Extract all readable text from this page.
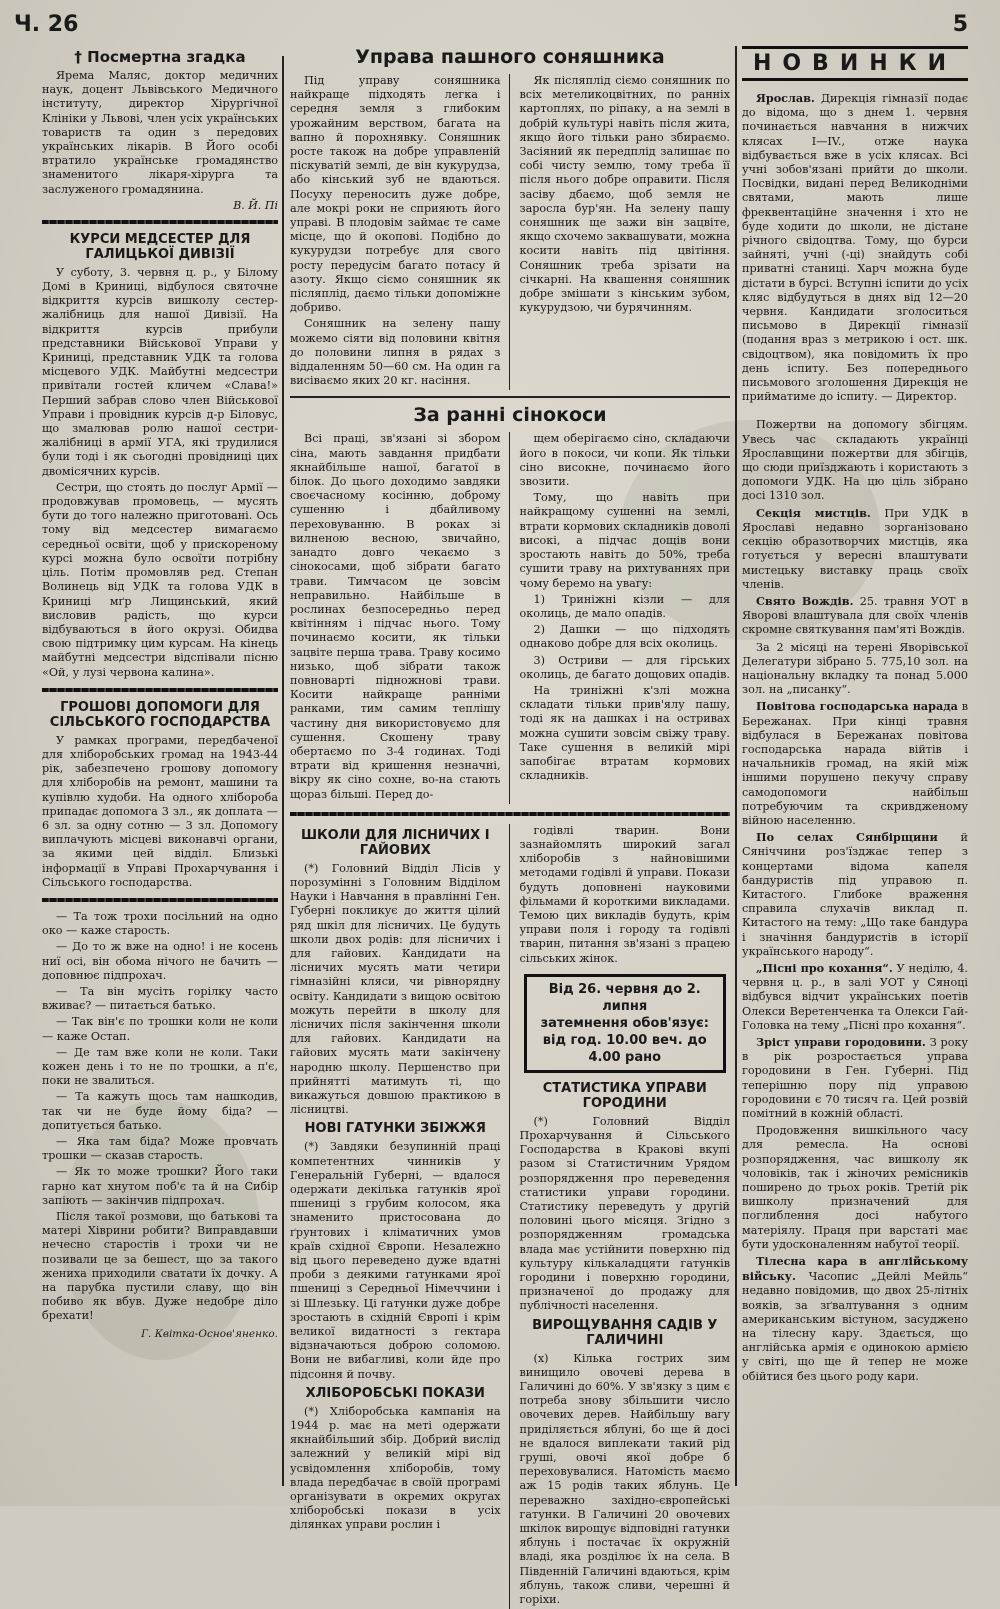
Ч. 26	5
† Посмертна згадка

Ярема Маляс, доктор медичних наук, доцент Львівського Медичного інституту, директор Хірургічної Клініки у Львові, член усіх українських товариств та один з передових українських лікарів. В Його особі втратило українське громадянство знаменитого лікаря-хірурга та заслуженого громадянина.

В. Й. Пі
КУРСИ МЕДСЕСТЕР ДЛЯ ГАЛИЦЬКОЇ ДИВІЗІЇ

У суботу, 3. червня ц. р., у Білому Домі в Криниці, відбулося святочне відкриття курсів вишколу сестер-жалібниць для нашої Дивізії. На відкриття курсів прибули представники Військової Управи у Криниці, представник УДК та голова місцевого УДК. Майбутні медсестри привітали гостей кличем «Слава!» Перший забрав слово член Військової Управи і провідник курсів д-р Біловус, що змалював ролю нашої сестри-жалібниці в армії УГА, які трудилися були тоді і як сьогодні провідниці цих двомісячних курсів.

Сестри, що стоять до послуг Армії — продовжував промовець, — мусять бути до того належно приготовані. Ось тому від медсестер вимагаємо середньої освіти, щоб у прискореному курсі можна було освоїти потрібну ціль. Потім промовляв ред. Степан Волинець від УДК та голова УДК в Криниці мґр Лищинський, який висловив радість, що курси відбуваються в його окрузі. Обидва свою підтримку цим курсам. На кінець майбутні медсестри відспівали пісню «Ой, у лузі червона калина».

ГРОШОВІ ДОПОМОГИ ДЛЯ СІЛЬСЬКОГО ГОСПОДАРСТВА

У рамках програми, передбаченої для хліборобських громад на 1943-44 рік, забезпечено грошову допомогу для хліборобів на ремонт, машини та купівлю худоби. На одного хлібороба припадає допомога 3 зл., як доплата — 6 зл. за одну сотню — 3 зл. Допомогу виплачують місцеві виконавчі органи, за якими цей відділ. Близькі інформації в Управі Прохарчування і Сільського господарства.

— Та тож трохи посільний на одно око — каже старость.

— До то ж вже на одно! і не косень ниї осі, він обома нічого не бачить — доповнює підпрохач.

— Та він мусіть горілку часто вживає? — питається батько.

— Так він'є по трошки коли не коли — каже Остап.

— Де там вже коли не коли. Таки кожен день і то не по трошки, а п'є, поки не звалиться.

— Та кажуть щось там нашкодив, так чи не буде йому біда? — допитується батько.

— Яка там біда? Може провчать трошки — сказав старость.

— Як то може трошки? Його таки гарно кат хнутом поб'є та й на Сибір запіють — закінчив підпрохач.

Після такої розмови, що батькові та матері Хіврини робити? Виправдавши нечесно старостів і трохи чи не позивали це за бешест, що за такого жениха приходили сватати їх дочку. А на парубка пустили славу, що він побиво як вбув. Дуже недобре діло брехати!

Г. Квітка-Основ'яненко.
Управа пашного соняшника

Під управу соняшника найкраще підходять легка і середня земля з глибоким урожайним верством, багата на вапно й порохнявку. Соняшник росте також на добре управленій піскуватій землі, де він кукурудза, або кінський зуб не вдаються. Посуху переносить дуже добре, але мокрі роки не сприяють його управі. В плодовім займає те саме місце, що й окопові. Подібно до кукурудзи потребує для свого росту передусім багато потасу й азоту. Якщо сіємо соняшник як післяплід, даємо тільки допоміжне добриво.

Соняшник на зелену пашу можемо сіяти від половини квітня до половини липня в рядах з віддаленням 50—60 см. На один га висіваємо яких 20 кг. насіння.

Як післяплід сіємо соняшник по всіх метеликоцвітних, по ранніх картоплях, по ріпаку, а на землі в добрій культурі навіть після жита, якщо його тільки рано збираємо. Засіяний як передплід залишає по собі чисту землю, тому треба її після нього добре оправити. Після засіву дбаємо, щоб земля не заросла бур'ян. На зелену пашу соняшник ще зажи він зацвіте, якщо схочемо заквашувати, можна косити навіть під цвітіння. Соняшник треба зрізати на січкарні. На квашення соняшник добре змішати з кінським зубом, кукурудзою, чи бурячинням.

За ранні сінокоси

Всі праці, зв'язані зі збором сіна, мають завдання придбати якнайбільше нашої, багатої в білок. До цього доходимо завдяки своєчасному косінню, доброму сушенню і дбайливому переховуванню. В роках зі вилненою весною, звичайно, занадто довго чекаємо з сінокосами, щоб зібрати багато трави. Тимчасом це зовсім неправильно. Найбільше в рослинах безпосередньо перед квітінням і підчас нього. Тому починаємо косити, як тільки зацвіте перша трава. Траву косимо низько, щоб зібрати також повноварті підножнові трави. Косити найкраще ранніми ранками, тим самим теплішу частину дня використовуємо для сушення. Скошену траву обертаємо по 3-4 годинах. Тоді втрати від кришення незначні, вікру як сіно сохне, во-на стають щораз більші. Перед до-

щем оберігаємо сіно, складаючи його в покоси, чи копи. Як тільки сіно високне, починаємо його звозити.

Тому, що навіть при найкращому сушенні на землі, втрати кормових складників доволі високі, а підчас дощів вони зростають навіть до 50%, треба сушити траву на рихтуваннях при чому беремо на увагу:

1) Триніжні кізли — для околиць, де мало опадів.

2) Дашки — що підходять однаково добре для всіх околиць.

3) Остриви — для гірських околиць, де багато дощових опадів.

На триніжні к'злі можна складати тільки прив'ялу пашу, тоді як на дашках і на остривах можна сушити зовсім свіжу траву. Таке сушення в великій мірі запобігає втратам кормових складників.

ШКОЛИ ДЛЯ ЛІСНИЧИХ І ГАЙОВИХ

(*) Головний Відділ Лісів у порозумінні з Головним Відділом Науки і Навчання в правлінні Ген. Губерні покликує до життя цілий ряд шкіл для лісничих. Це будуть школи двох родів: для лісничих і для гайових. Кандидати на лісничих мусять мати четири гімназійні кляси, чи рівнорядну освіту. Кандидати з вищою освітою можуть перейти в школу для лісничих після закінчення школи для гайових. Кандидати на гайових мусять мати закінчену народню школу. Першенство при прийнятті матимуть ті, що викажуться довшою практикою в лісництві.

НОВІ ГАТУНКИ ЗБІЖЖЯ

(*) Завдяки безупинній праці компетентних чинників у Генеральній Губерні, — вдалося одержати декілька гатунків ярої пшениці з грубим колосом, яка знаменито пристосована до ґрунтових і кліматичних умов країв східної Європи. Незалежно від цього переведено дуже вдатні проби з деякими гатунками ярої пшениці з Середньої Німеччини і зі Шлезьку. Ці гатунки дуже добре зростають в східній Європі і крім великої видатності з гектара відзначаються доброю соломою. Вони не вибагливі, коли йде про підсоння й почву.

ХЛІБОРОБСЬКІ ПОКАЗИ

(*) Хліборобська кампанія на 1944 р. має на меті одержати якнайбільший збір. Добрий вислід залежний у великій мірі від усвідомлення хліборобів, тому влада передбачає в своїй програмі організувати в окремих округах хліборобські покази в усіх ділянках управи рослин і

годівлі тварин. Вони зазнайомлять широкий загал хліборобів з найновішими методами годівлі й управи. Покази будуть доповнені науковими фільмами й короткими викладами. Темою цих викладів будуть, крім управи поля і городу та годівлі тварин, питання зв'язані з працею сільських жінок.

Від 26. червня до 2. липня
затемнення обов'язує:
від год. 10.00 веч. до 4.00 рано
СТАТИСТИКА УПРАВИ ГОРОДИНИ

(*) Головний Відділ Прохарчування й Сільського Господарства в Кракові вкупі разом зі Статистичним Урядом розпорядження про переведення статистики управи городини. Статистику переведуть у другій половині цього місяця. Згідно з розпорядженням громадська влада має устійнити поверхню під культуру кількаладцяти гатунків городини і поверхню городини, призначеної до продажу для публічності населення.

ВИРОЩУВАННЯ САДІВ У ГАЛИЧИНІ

(х) Кілька гострих зим винищило овочеві дерева в Галичині до 60%. У зв'язку з цим є потреба знову збільшити число овочевих дерев. Найбільшу вагу приділяється яблуні, бо ще й досі не вдалося виплекати такий рід груші, овочі якої добре б переховувалися. Натомість маємо аж 15 родів таких яблунь. Це переважно західно-європейські гатунки. В Галичині 20 овочевих шкілок вирощує відповідні гатунки яблунь і постачає їх окружній владі, яка розділює їх на села. В Південній Галичині вдаються, крім яблунь, також сливи, черешні й горіхи.

НОВИНКИ

Ярослав. Дирекція гімназії подає до відома, що з днем 1. червня починається навчання в нижчих клясах I—IV., отже наука відбувається вже в усіх клясах. Всі учні зобов'язані прийти до школи. Посвідки, видані перед Великодніми святами, мають лише фреквентаційне значення і хто не буде ходити до школи, не дістане річного свідоцтва. Тому, що бурси зайняті, учні (-ці) знайдуть собі приватні станиці. Харч можна буде дістати в бурсі. Вступні іспити до усіх кляс відбудуться в днях від 12—20 червня. Кандидати зголоситься письмово в Дирекції гімназії (подання враз з метрикою і ост. шк. свідоцтвом), яка повідомить їх про день іспиту. Без попереднього письмового зголошення Дирекція не прийматиме до іспиту. — Директор.

Пожертви на допомогу збігцям. Увесь час складають українці Ярославщини пожертви для збігців, що сюди приїзджають і користають з допомоги УДК. На цю ціль зібрано досі 1310 зол.

Секція мистців. При УДК в Ярославі недавно зорганізовано секцію образотворчих мистців, яка готується у вересні влаштувати мистецьку виставку праць своїх членів.

Свято Вождів. 25. травня УОТ в Яворові влаштувала для своїх членів скромне святкування пам'яті Вождів.

За 2 місяці на терені Яворівської Делегатури зібрано 5. 775,10 зол. на національну вкладку та понад 5.000 зол. на „писанку“.

Повітова господарська нарада в Бережанах. При кінці травня відбулася в Бережанах повітова господарська нарада війтів і начальників громад, на якій між іншими порушено пекучу справу самодопомоги найбільш потребуючим та скривдженому війною населенню.

По селах Сянбірщини й Сяніччини роз'їзджає тепер з концертами відома капеля бандуристів під управою п. Китастого. Глибоке враження справила слухачів виклад п. Китастого на тему: „Що таке бандура і значіння бандуристів в історії українського народу“.

„Пісні про кохання“. У неділю, 4. червня ц. р., в залі УОТ у Сяноці відбувся відчит українських поетів Олекси Веретенченка та Олекси Гай-Головка на тему „Пісні про кохання“.

Зріст управи городовини. З року в рік розростається управа городовини в Ген. Губерні. Під теперішню пору під управою городовини є 70 тисяч га. Цей розвій помітний в кожній області.

Продовження вишкільного часу для ремесла. На основі розпорядження, час вишколу як чоловіків, так і жіночих ремісників поширено до трьох років. Третій рік вишколу призначений для поглиблення досі набутого матеріялу. Праця при варстаті має бути удосконаленням набутої теорії.

Тілесна кара в англійському війську. Часопис „Дейлі Мейль“ недавно повідомив, що двох 25-літніх вояків, за зґвалтування з одним американським вістуном, засуджено на тілесну кару. Здається, що англійська армія є одинокою армією у світі, що ще й тепер не може обійтися без цього роду кари.
